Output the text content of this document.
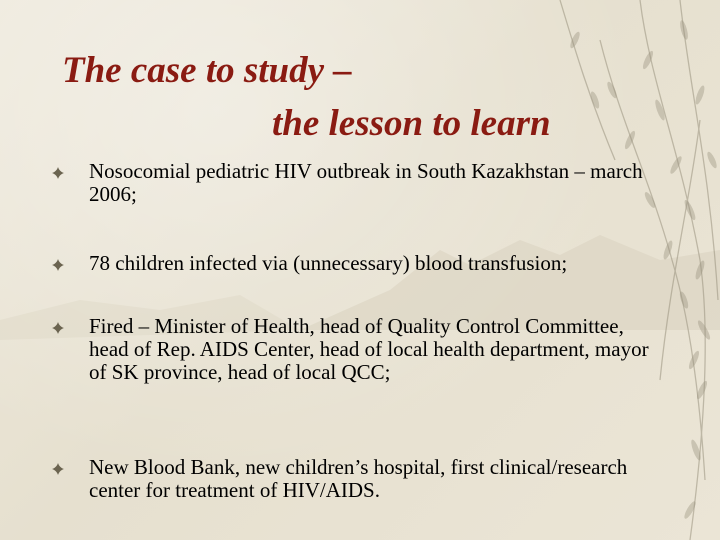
The case to study –
the lesson to learn
Nosocomial pediatric HIV outbreak in South Kazakhstan – march 2006;
78 children infected via (unnecessary) blood transfusion;
Fired – Minister of Health, head of Quality Control Committee, head of Rep. AIDS Center, head of local health department, mayor of SK province, head of local QCC;
New Blood Bank, new children’s hospital, first clinical/research center for treatment of HIV/AIDS.
